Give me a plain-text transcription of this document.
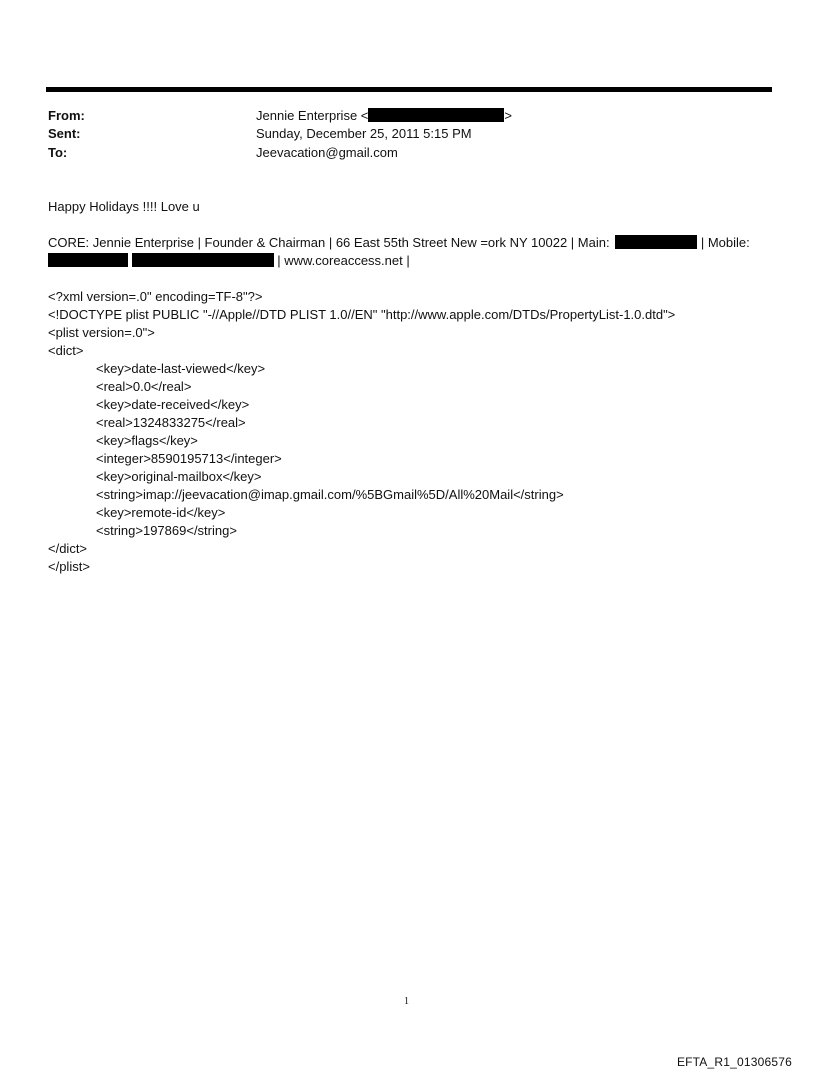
From:	Jennie Enterprise <	>
Sent:	Sunday, December 25, 2011 5:15 PM
To:	Jeevacation@gmail.com
Happy Holidays !!!! Love u
CORE: Jennie Enterprise | Founder & Chairman | 66 East 55th Street New =ork NY 10022 | Main:	| Mobile:
| www.coreaccess.net |
<?xml version=.0" encoding=TF-8"?>
<!DOCTYPE plist PUBLIC "-//Apple//DTD PLIST 1.0//EN" "http://www.apple.com/DTDs/PropertyList-1.0.dtd">
<plist version=.0">
<dict>
<key>date-last-viewed</key>
<real>0.0</real>
<key>date-received</key>
<real>1324833275</real>
<key>flags</key>
<integer>8590195713</integer>
<key>original-mailbox</key>
<string>imap://jeevacation@imap.gmail.com/%5BGmail%5D/All%20Mail</string>
<key>remote-id</key>
<string>197869</string>
</dict>
</plist>
1
EFTA_R1_01306576
